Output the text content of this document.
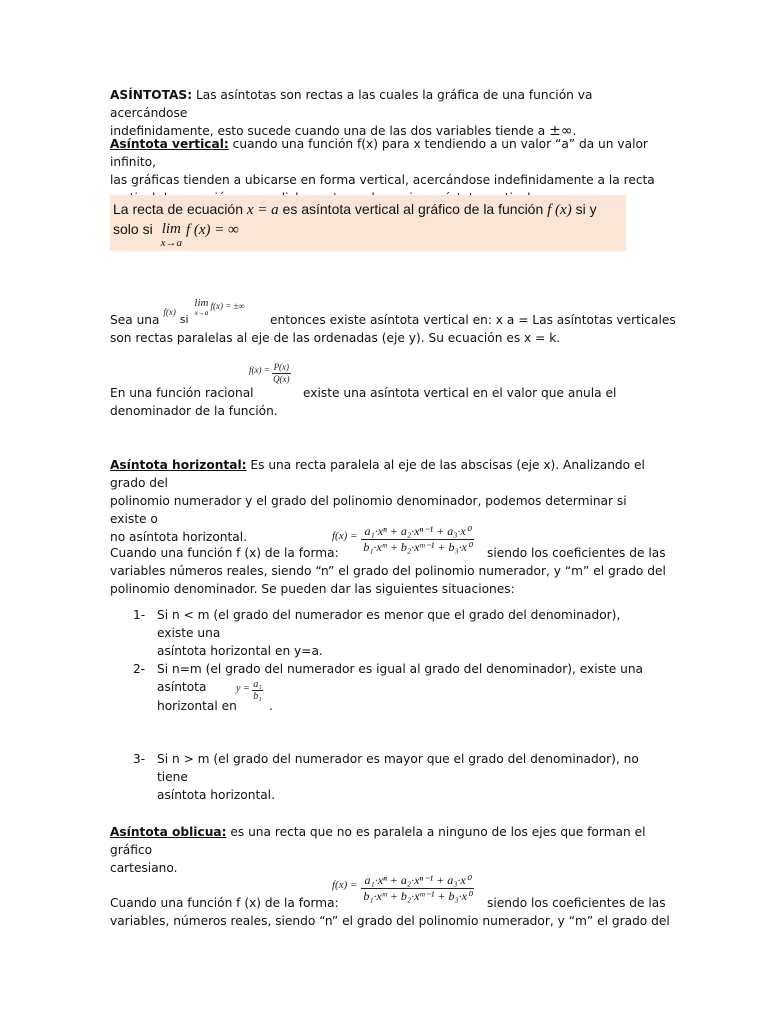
ASÍNTOTAS: Las asíntotas son rectas a las cuales la gráfica de una función va acercándose
indefinidamente, esto sucede cuando una de las dos variables tiende a ±∞.
Asíntota vertical: cuando una función f(x) para x tendiendo a un valor “a” da un valor infinito,
las gráficas tienden a ubicarse en forma vertical, acercándose indefinidamente a la recta
La recta de ecuación x = a es asíntota vertical al gráfico de la función f (x) si y
solo si lim
x→a
f (x) = ∞
Sea una f(x) si
lim
x→a
$^{f(x) = \pm\infty}$
entonces existe asíntota vertical en: x a = Las asíntotas verticales
son rectas paralelas al eje de las ordenadas (eje y). Su ecuación es x = k.
En una función racional
$f(x) = \frac{P(x)}{Q(x)}$
existe una asíntota vertical en el valor que anula el
denominador de la función.
Asíntota horizontal: Es una recta paralela al eje de las abscisas (eje x). Analizando el grado del
polinomio numerador y el grado del polinomio denominador, podemos determinar si existe o
no asíntota horizontal.
Cuando una función f (x) de la forma:
$f(x) = \frac{\text{a₁·xⁿ + a₂·xⁿ⁻¹ + a₃·x⁰}}{\text{b₁·xᵐ + b₂·xᵐ⁻¹ + b₃·x⁰}}$ siendo los coeficientes de las
variables números reales, siendo “n” el grado del polinomio numerador, y “m” el grado del
polinomio denominador. Se pueden dar las siguientes situaciones:
1- Si n < m (el grado del numerador es menor que el grado del denominador), existe una
asíntota horizontal en y=a.
2- Si n=m (el grado del numerador es igual al grado del denominador), existe una asíntota
horizontal en
$y = \frac{\text{a₁}}{\text{b₁}}$
.
3- Si n > m (el grado del numerador es mayor que el grado del denominador), no tiene
asíntota horizontal.
Asíntota oblicua: es una recta que no es paralela a ninguno de los ejes que forman el gráfico
cartesiano.
Cuando una función f (x) de la forma:
$f(x) = \frac{\text{a₁·xⁿ + a₂·xⁿ⁻¹ + a₃·x⁰}}{\text{b₁·xᵐ + b₂·xᵐ⁻¹ + b₃·x⁰}}$ siendo los coeficientes de las
variables, números reales, siendo “n” el grado del polinomio numerador, y “m” el grado del
